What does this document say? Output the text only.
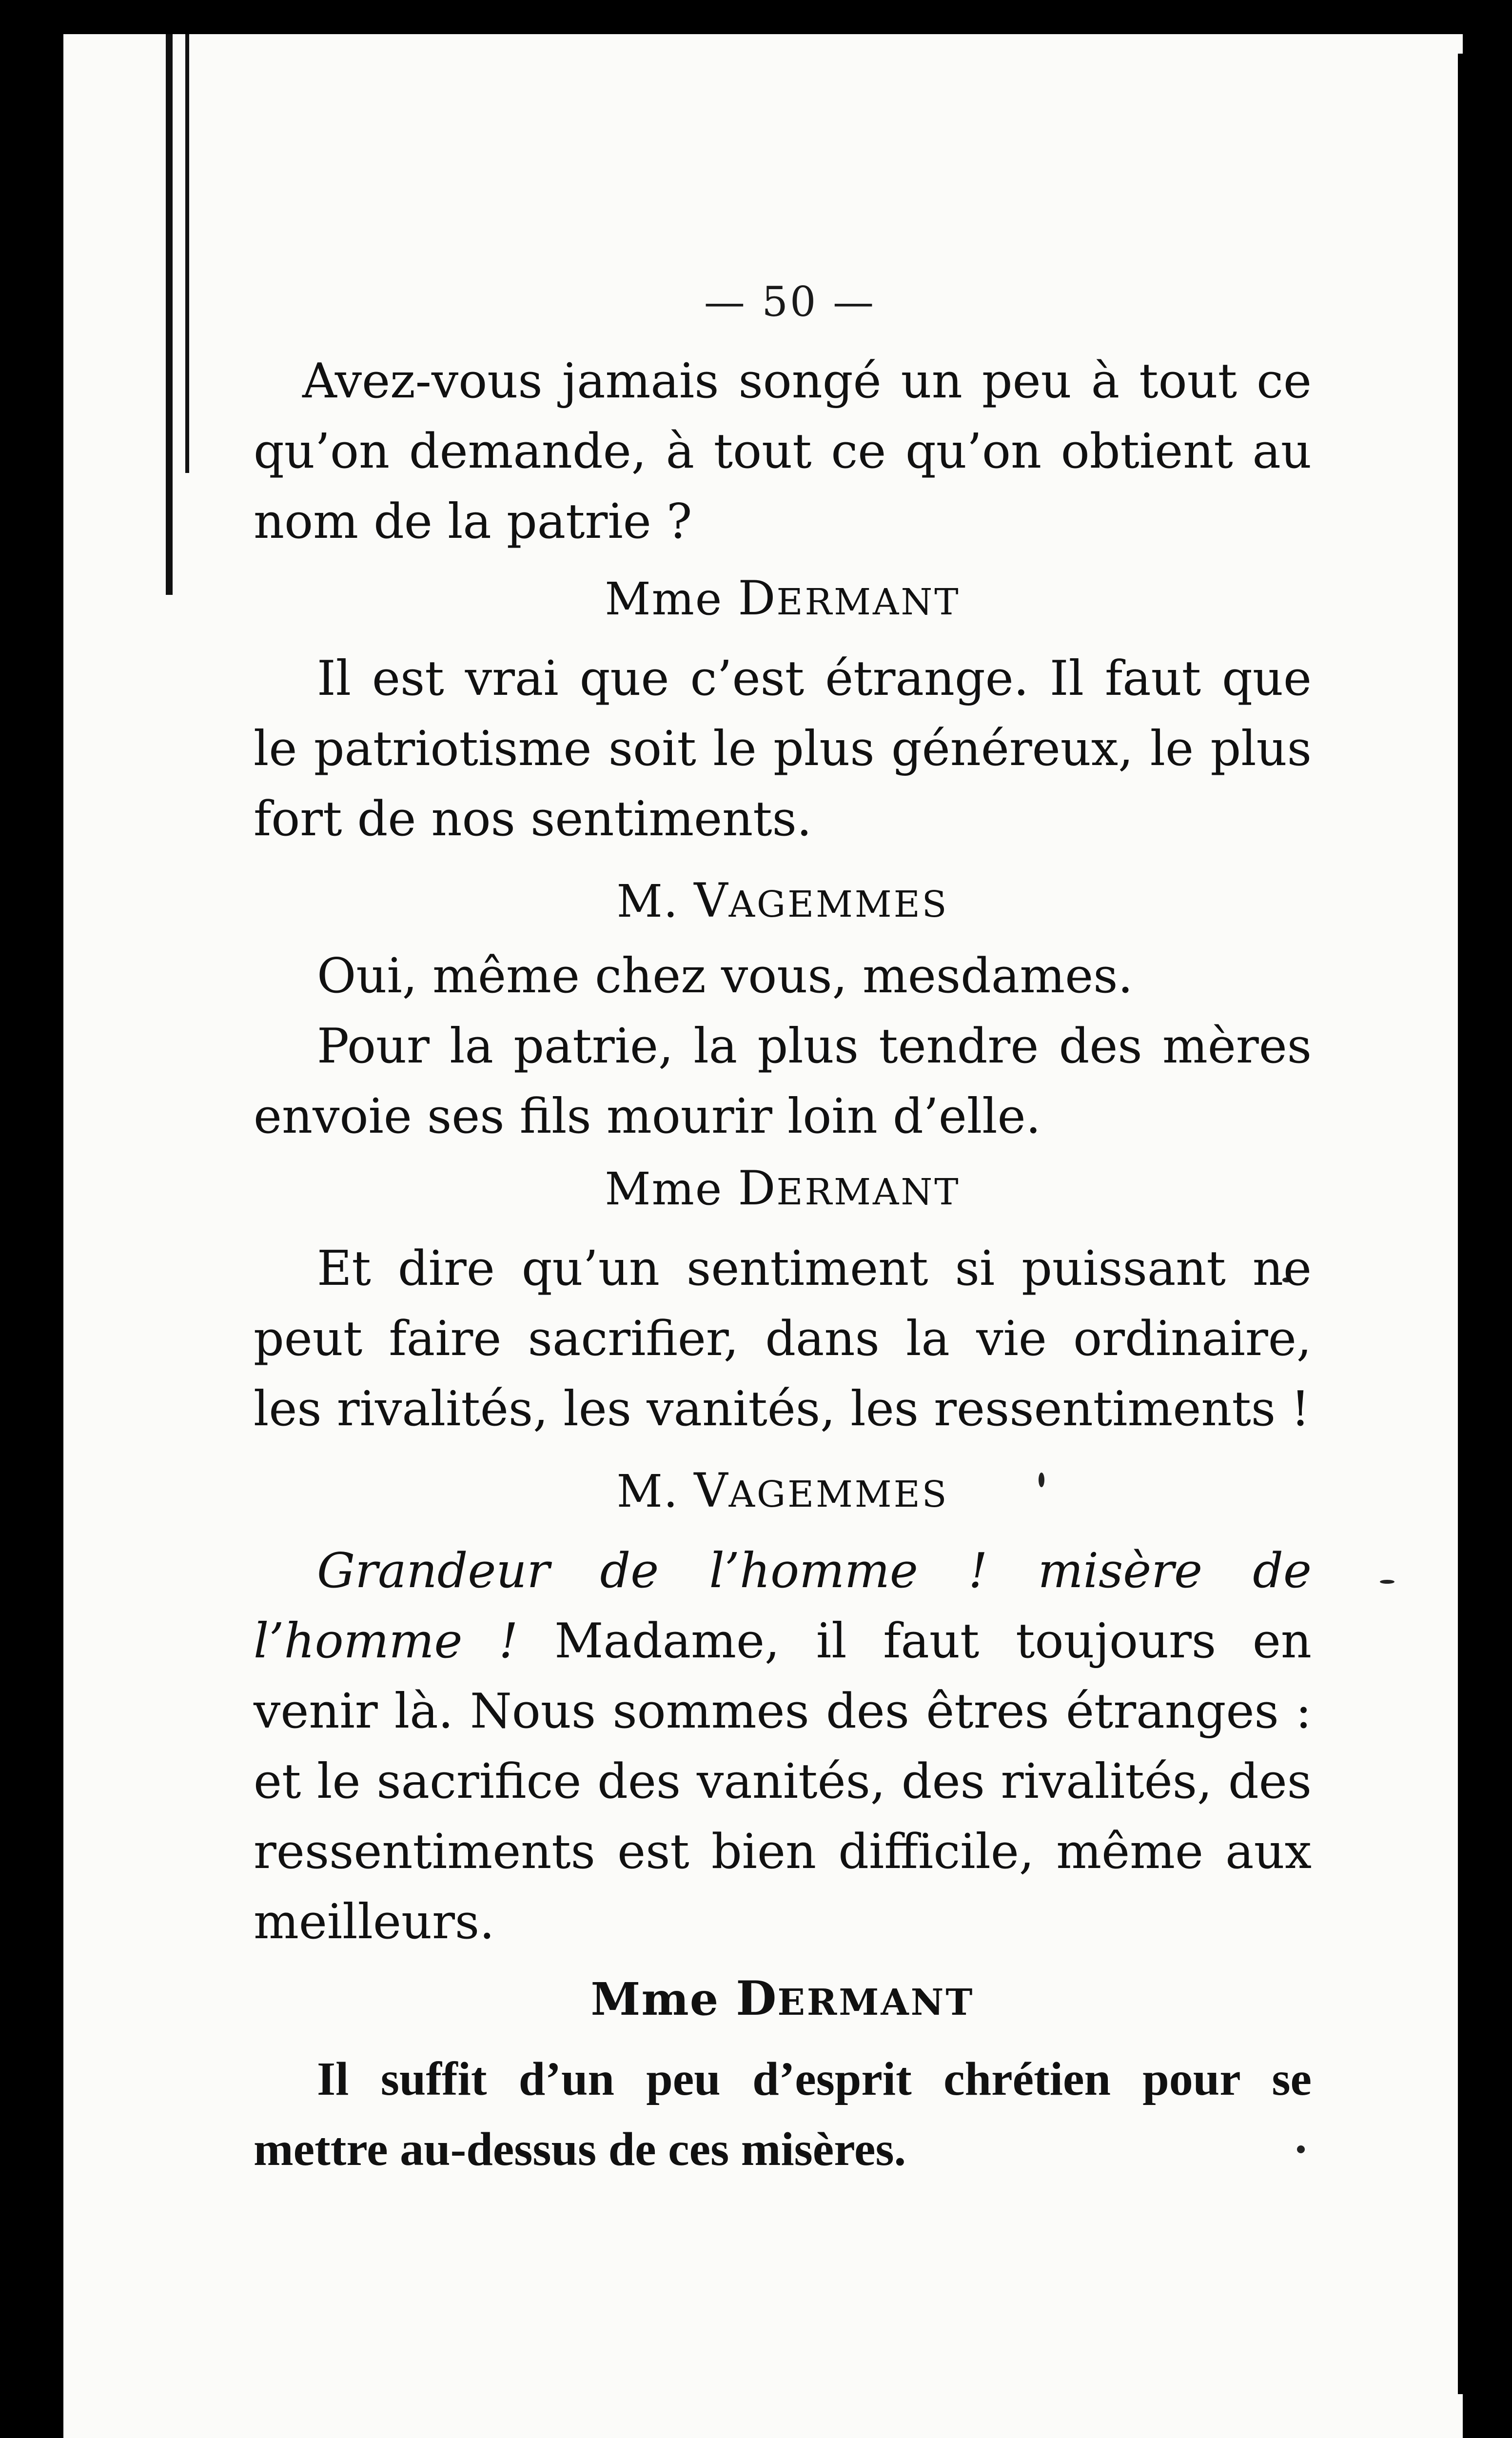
— 50 —

Avez-vous jamais songé un peu à tout ce qu’on demande, à tout ce qu’on obtient au nom de la patrie ?

Mme DERMANT

Il est vrai que c’est étrange. Il faut que le patriotisme soit le plus généreux, le plus fort de nos sentiments.

M. VAGEMMES

Oui, même chez vous, mesdames.

Pour la patrie, la plus tendre des mères envoie ses fils mourir loin d’elle.

Mme DERMANT

Et dire qu’un sentiment si puissant ne peut faire sacrifier, dans la vie ordinaire, les rivalités, les vanités, les ressentiments !

M. VAGEMMES

Grandeur de l’homme ! misère de l’homme ! Madame, il faut toujours en venir là. Nous sommes des êtres étranges : et le sacrifice des vanités, des rivalités, des ressentiments est bien difficile, même aux meilleurs.

Mme DERMANT

Il suffit d’un peu d’esprit chrétien pour se mettre au-dessus de ces misères.
